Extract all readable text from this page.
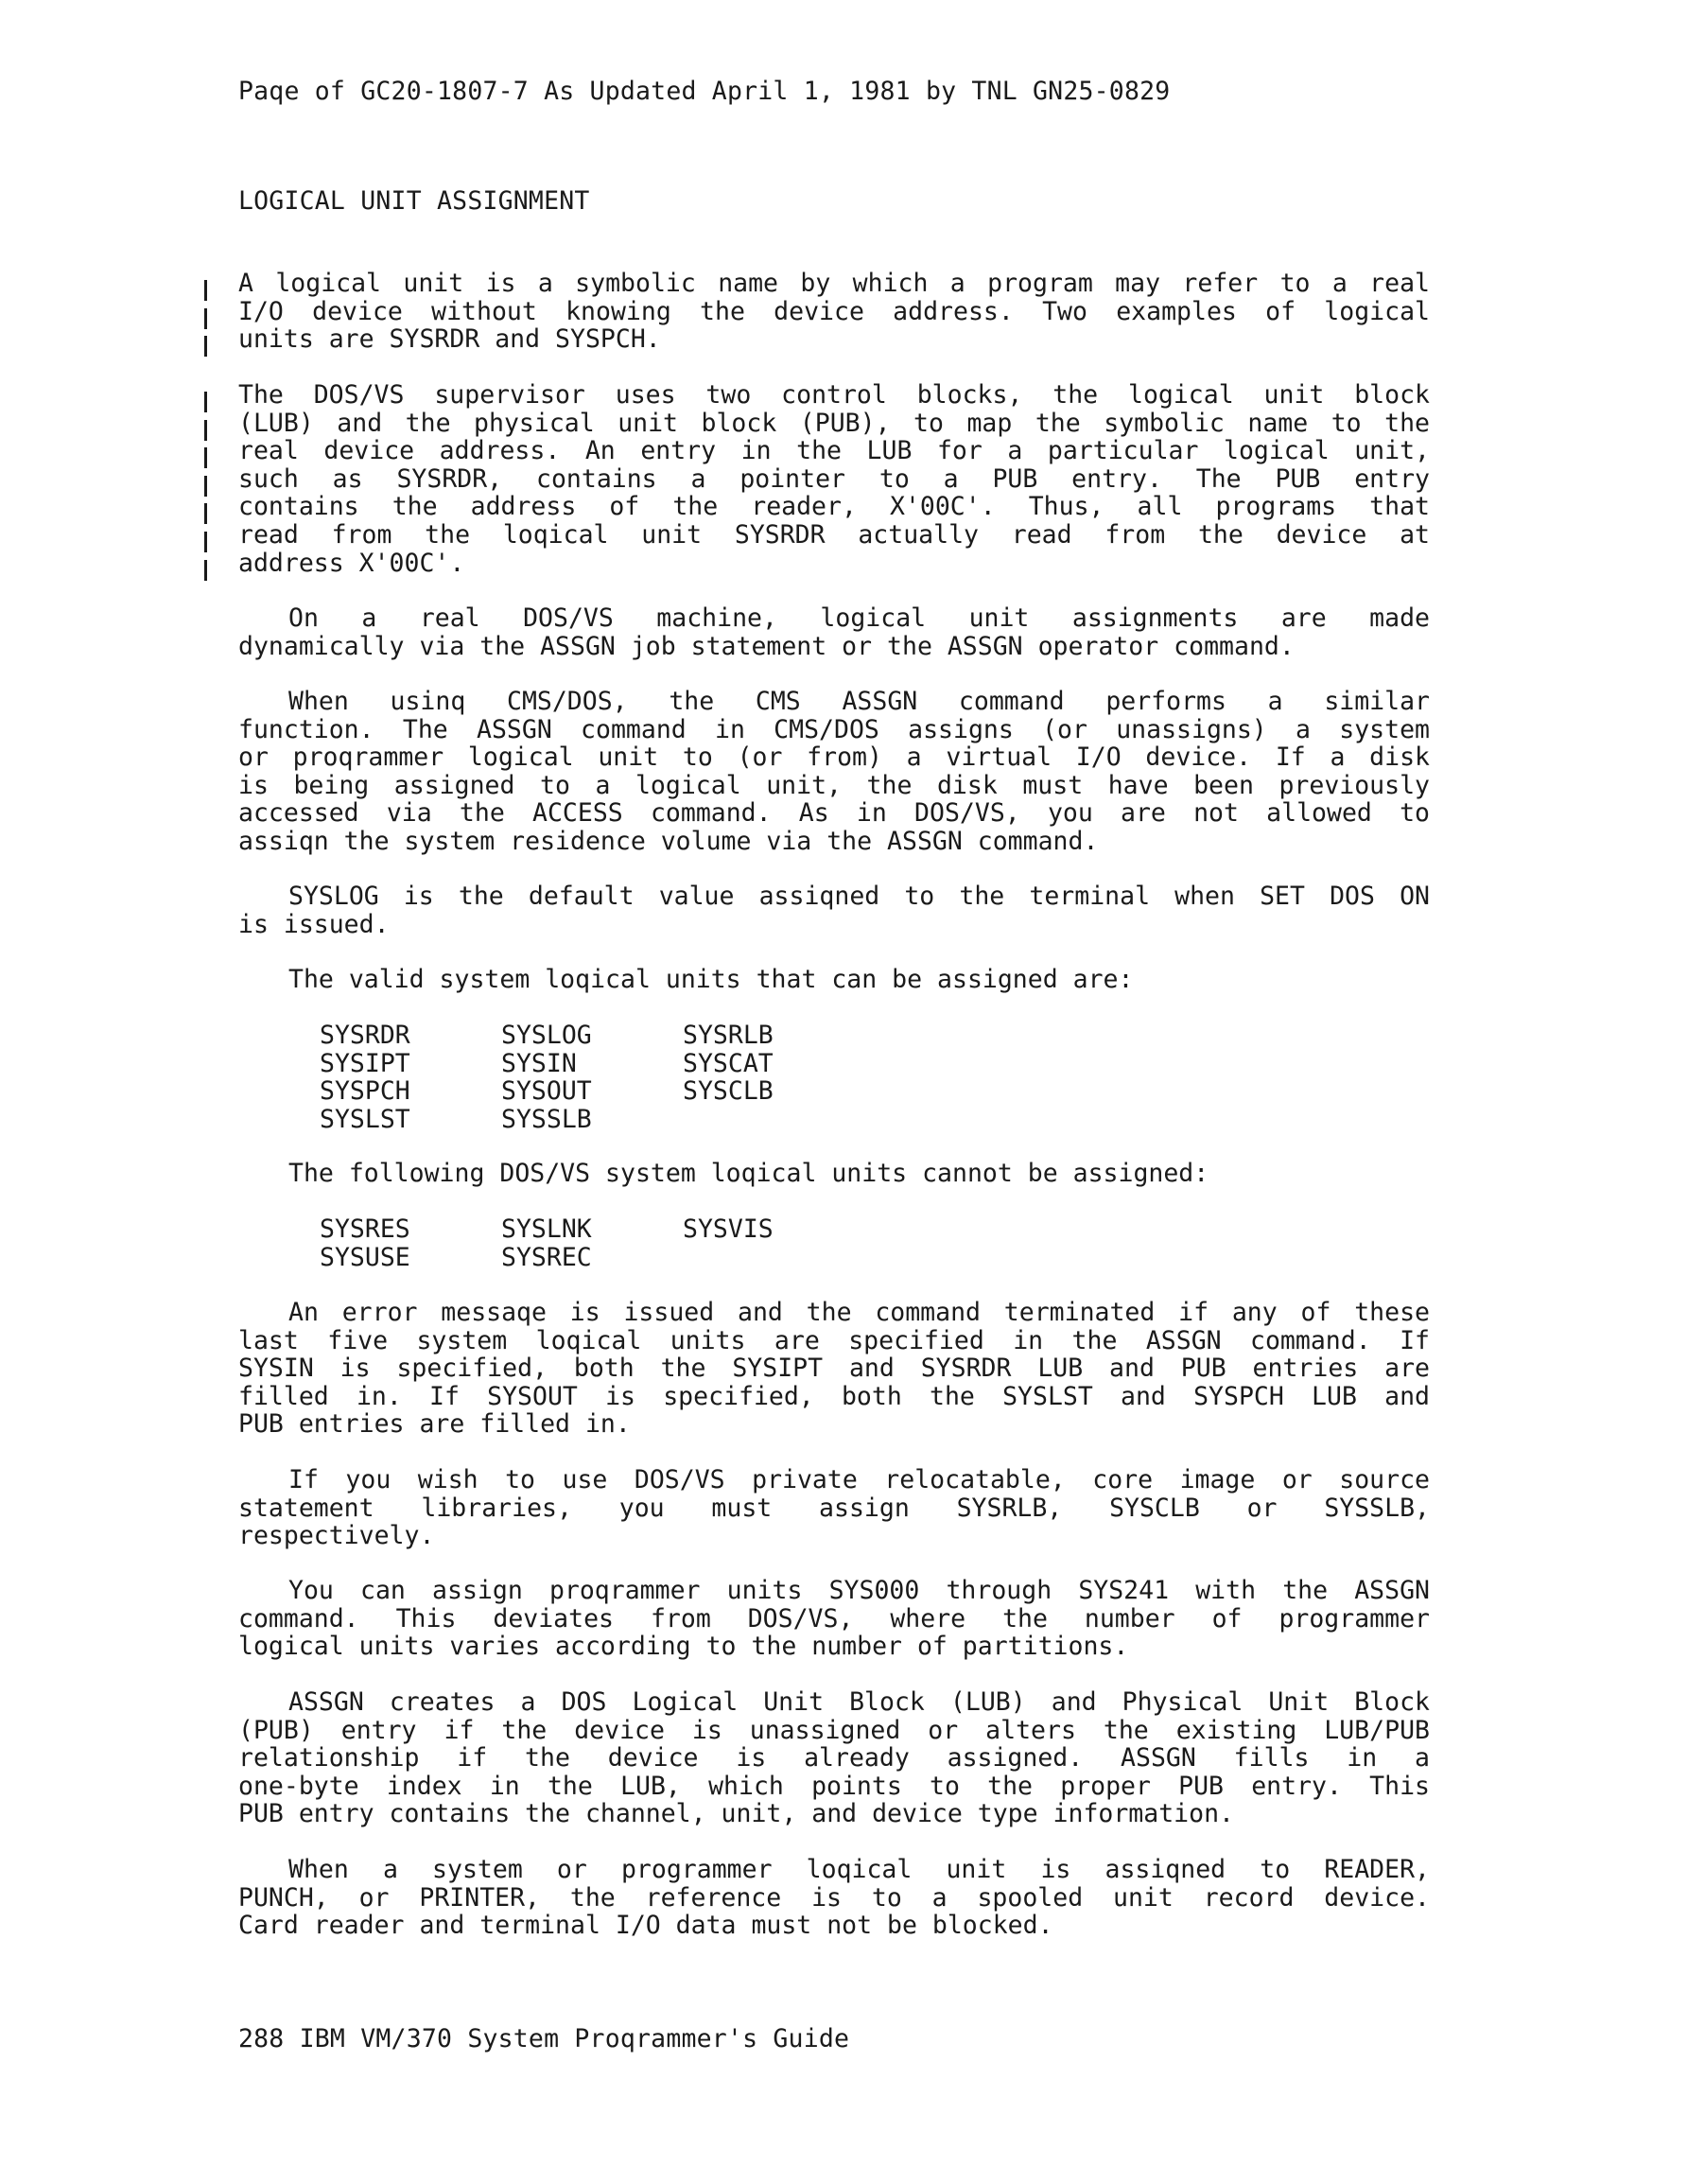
Paqe of GC20-1807-7 As Updated April 1, 1981 by TNL GN25-0829
LOGICAL UNIT ASSIGNMENT
A logical unit is a symbolic name by which a program may refer to a real
I/O device without knowing the device address. Two examples of logical
units are SYSRDR and SYSPCH.
The DOS/VS supervisor uses two control blocks, the logical unit block
(LUB) and the physical unit block (PUB), to map the symbolic name to the
real device address. An entry in the LUB for a particular logical unit,
such as SYSRDR, contains a pointer to a PUB entry. The PUB entry
contains the address of the reader, X'00C'. Thus, all programs that
read from the loqical unit SYSRDR actually read from the device at
address X'00C'.
On a real DOS/VS machine, logical unit assignments are made
dynamically via the ASSGN job statement or the ASSGN operator command.
When usinq CMS/DOS, the CMS ASSGN command performs a similar
function. The ASSGN command in CMS/DOS assigns (or unassigns) a system
or proqrammer logical unit to (or from) a virtual I/O device. If a disk
is being assigned to a logical unit, the disk must have been previously
accessed via the ACCESS command. As in DOS/VS, you are not allowed to
assiqn the system residence volume via the ASSGN command.
SYSLOG is the default value assiqned to the terminal when SET DOS ON
is issued.
The valid system loqical units that can be assigned are:
SYSRDR	SYSLOG	SYSRLB
SYSIPT	SYSIN	SYSCAT
SYSPCH	SYSOUT	SYSCLB
SYSLST	SYSSLB	
The following DOS/VS system loqical units cannot be assigned:
SYSRES	SYSLNK	SYSVIS
SYSUSE	SYSREC	
An error messaqe is issued and the command terminated if any of these
last five system loqical units are specified in the ASSGN command. If
SYSIN is specified, both the SYSIPT and SYSRDR LUB and PUB entries are
filled in. If SYSOUT is specified, both the SYSLST and SYSPCH LUB and
PUB entries are filled in.
If you wish to use DOS/VS private relocatable, core image or source
statement libraries, you must assign SYSRLB, SYSCLB or SYSSLB,
respectively.
You can assign proqrammer units SYS000 through SYS241 with the ASSGN
command. This deviates from DOS/VS, where the number of programmer
logical units varies according to the number of partitions.
ASSGN creates a DOS Logical Unit Block (LUB) and Physical Unit Block
(PUB) entry if the device is unassigned or alters the existing LUB/PUB
relationship if the device is already assigned. ASSGN fills in a
one-byte index in the LUB, which points to the proper PUB entry. This
PUB entry contains the channel, unit, and device type information.
When a system or programmer loqical unit is assiqned to READER,
PUNCH, or PRINTER, the reference is to a spooled unit record device.
Card reader and terminal I/O data must not be blocked.
288 IBM VM/370 System Proqrammer's Guide
